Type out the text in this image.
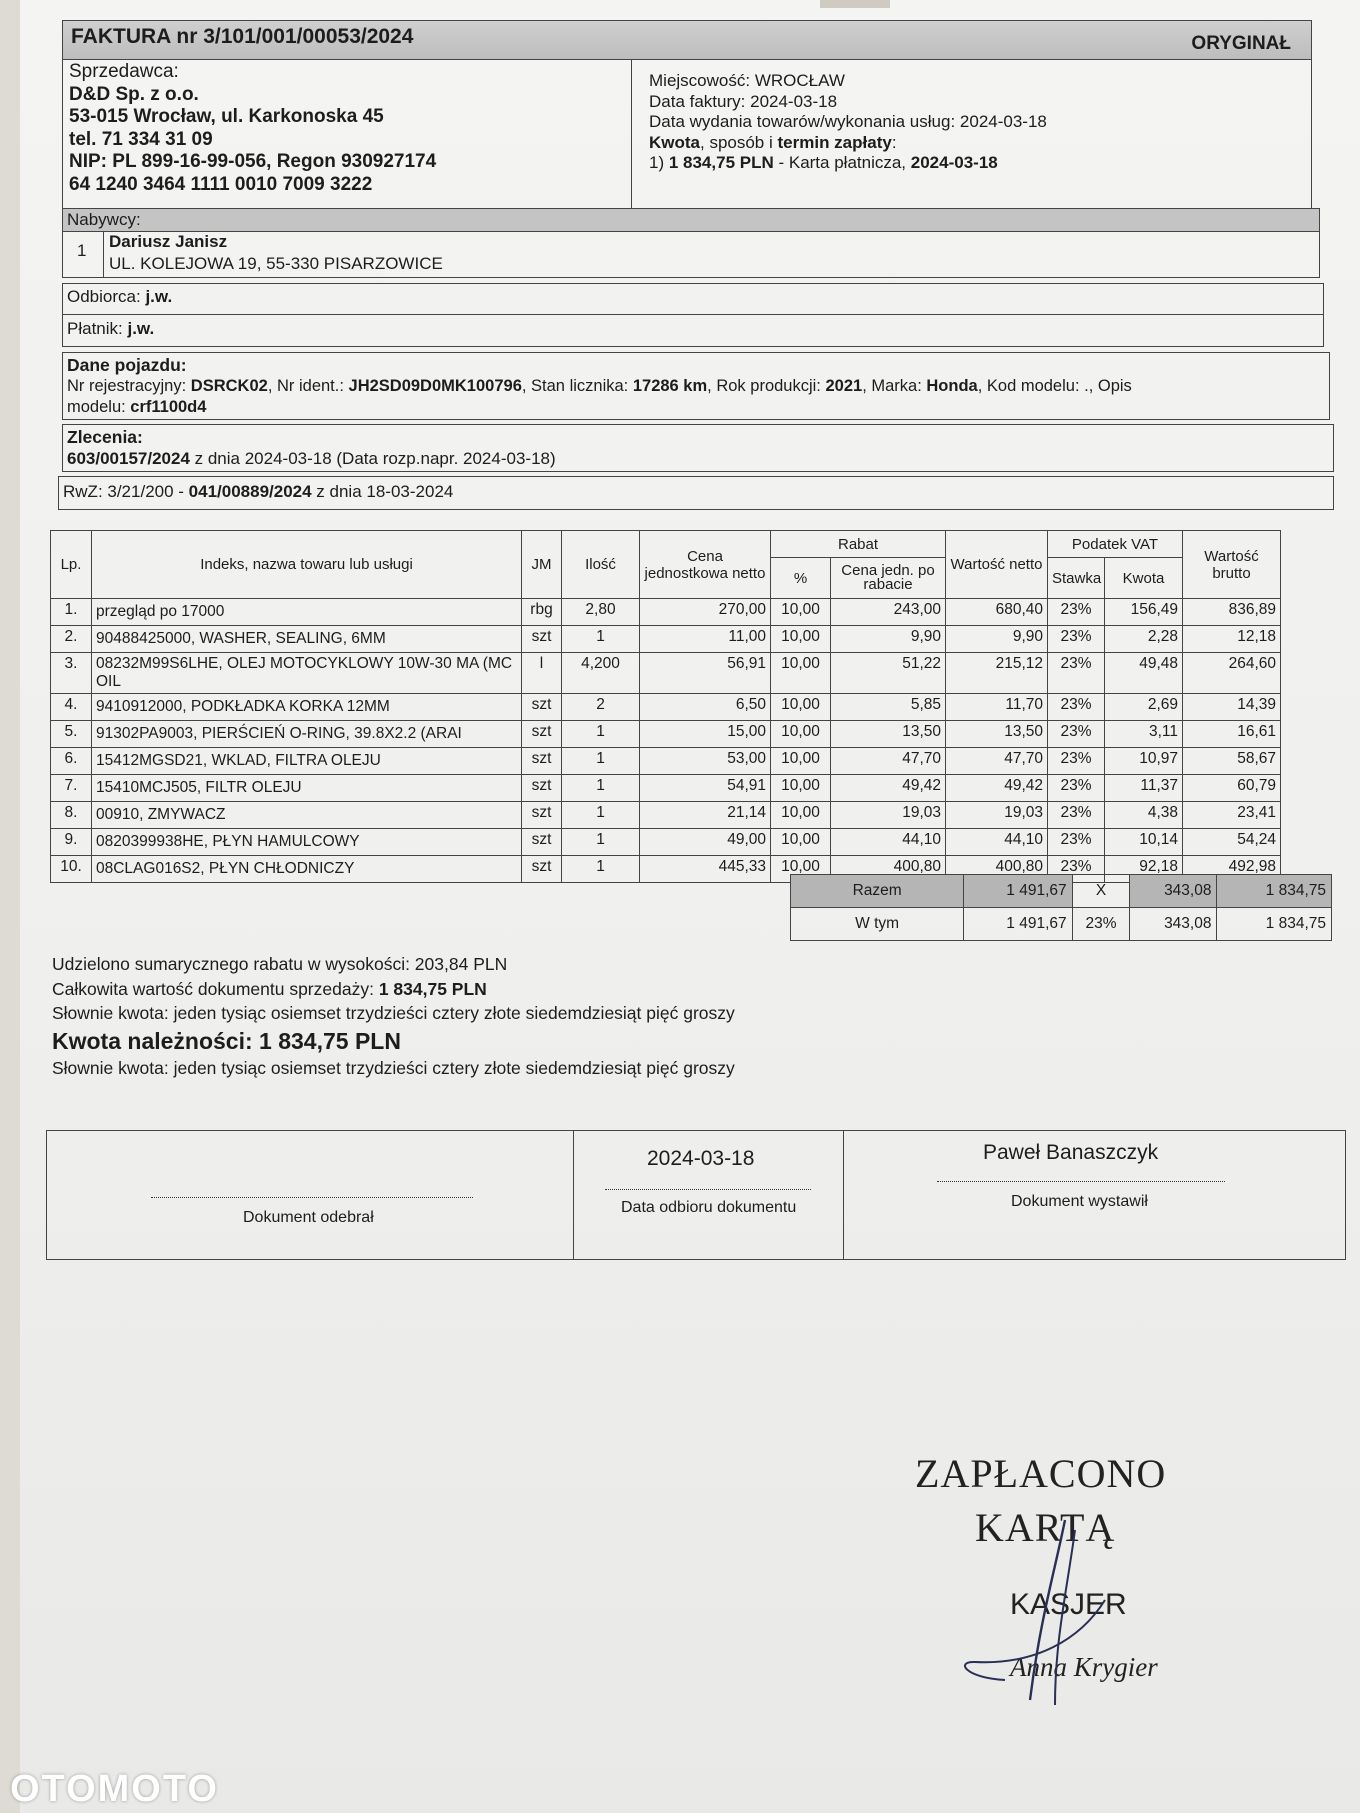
FAKTURA nr 3/101/001/00053/2024	ORYGINAŁ
Sprzedawca:
D&D Sp. z o.o.
53-015 Wrocław, ul. Karkonoska 45
tel. 71 334 31 09
NIP: PL 899-16-99-056, Regon 930927174
64 1240 3464 1111 0010 7009 3222
Miejscowość: WROCŁAW
Data faktury: 2024-03-18
Data wydania towarów/wykonania usług: 2024-03-18
Kwota, sposób i termin zapłaty:
1) 1 834,75 PLN - Karta płatnicza, 2024-03-18
Nabywcy:
1 Dariusz Janisz
UL. KOLEJOWA 19, 55-330 PISARZOWICE
Odbiorca: j.w.
Płatnik: j.w.
Dane pojazdu:
Nr rejestracyjny: DSRCK02, Nr ident.: JH2SD09D0MK100796, Stan licznika: 17286 km, Rok produkcji: 2021, Marka: Honda, Kod modelu: ., Opis
modelu: crf1100d4
Zlecenia:
603/00157/2024 z dnia 2024-03-18 (Data rozp.napr. 2024-03-18)
RwZ: 3/21/200 - 041/00889/2024 z dnia 18-03-2024
Lp.	Indeks, nazwa towaru lub usługi	JM	Ilość	Cena jednostkowa netto	Rabat		Wartość netto	Podatek VAT		Wartość brutto
					%	Cena jedn. po rabacie		Stawka	Kwota	
1.	przegląd po 17000	rbg	2,80	270,00	10,00	243,00	680,40	23%	156,49	836,89
2.	90488425000, WASHER, SEALING, 6MM	szt	1	11,00	10,00	9,90	9,90	23%	2,28	12,18
3.	08232M99S6LHE, OLEJ MOTOCYKLOWY 10W-30 MA (MC OIL	l	4,200	56,91	10,00	51,22	215,12	23%	49,48	264,60
4.	9410912000, PODKŁADKA KORKA 12MM	szt	2	6,50	10,00	5,85	11,70	23%	2,69	14,39
5.	91302PA9003, PIERŚCIEŃ O-RING, 39.8X2.2 (ARAI	szt	1	15,00	10,00	13,50	13,50	23%	3,11	16,61
6.	15412MGSD21, WKLAD, FILTRA OLEJU	szt	1	53,00	10,00	47,70	47,70	23%	10,97	58,67
7.	15410MCJ505, FILTR OLEJU	szt	1	54,91	10,00	49,42	49,42	23%	11,37	60,79
8.	00910, ZMYWACZ	szt	1	21,14	10,00	19,03	19,03	23%	4,38	23,41
9.	0820399938HE, PŁYN HAMULCOWY	szt	1	49,00	10,00	44,10	44,10	23%	10,14	54,24
10.	08CLAG016S2, PŁYN CHŁODNICZY	szt	1	445,33	10,00	400,80	400,80	23%	92,18	492,98
Razem	1 491,67	X	343,08	1 834,75
W tym	1 491,67	23%	343,08	1 834,75
Udzielono sumarycznego rabatu w wysokości: 203,84 PLN
Całkowita wartość dokumentu sprzedaży: 1 834,75 PLN
Słownie kwota: jeden tysiąc osiemset trzydzieści cztery złote siedemdziesiąt pięć groszy
Kwota należności: 1 834,75 PLN
Słownie kwota: jeden tysiąc osiemset trzydzieści cztery złote siedemdziesiąt pięć groszy
Dokument odebrał
2024-03-18
Data odbioru dokumentu
Paweł Banaszczyk
Dokument wystawił
ZAPŁACONO
KARTĄ
KASJER
Anna Krygier
OTOMOTO
